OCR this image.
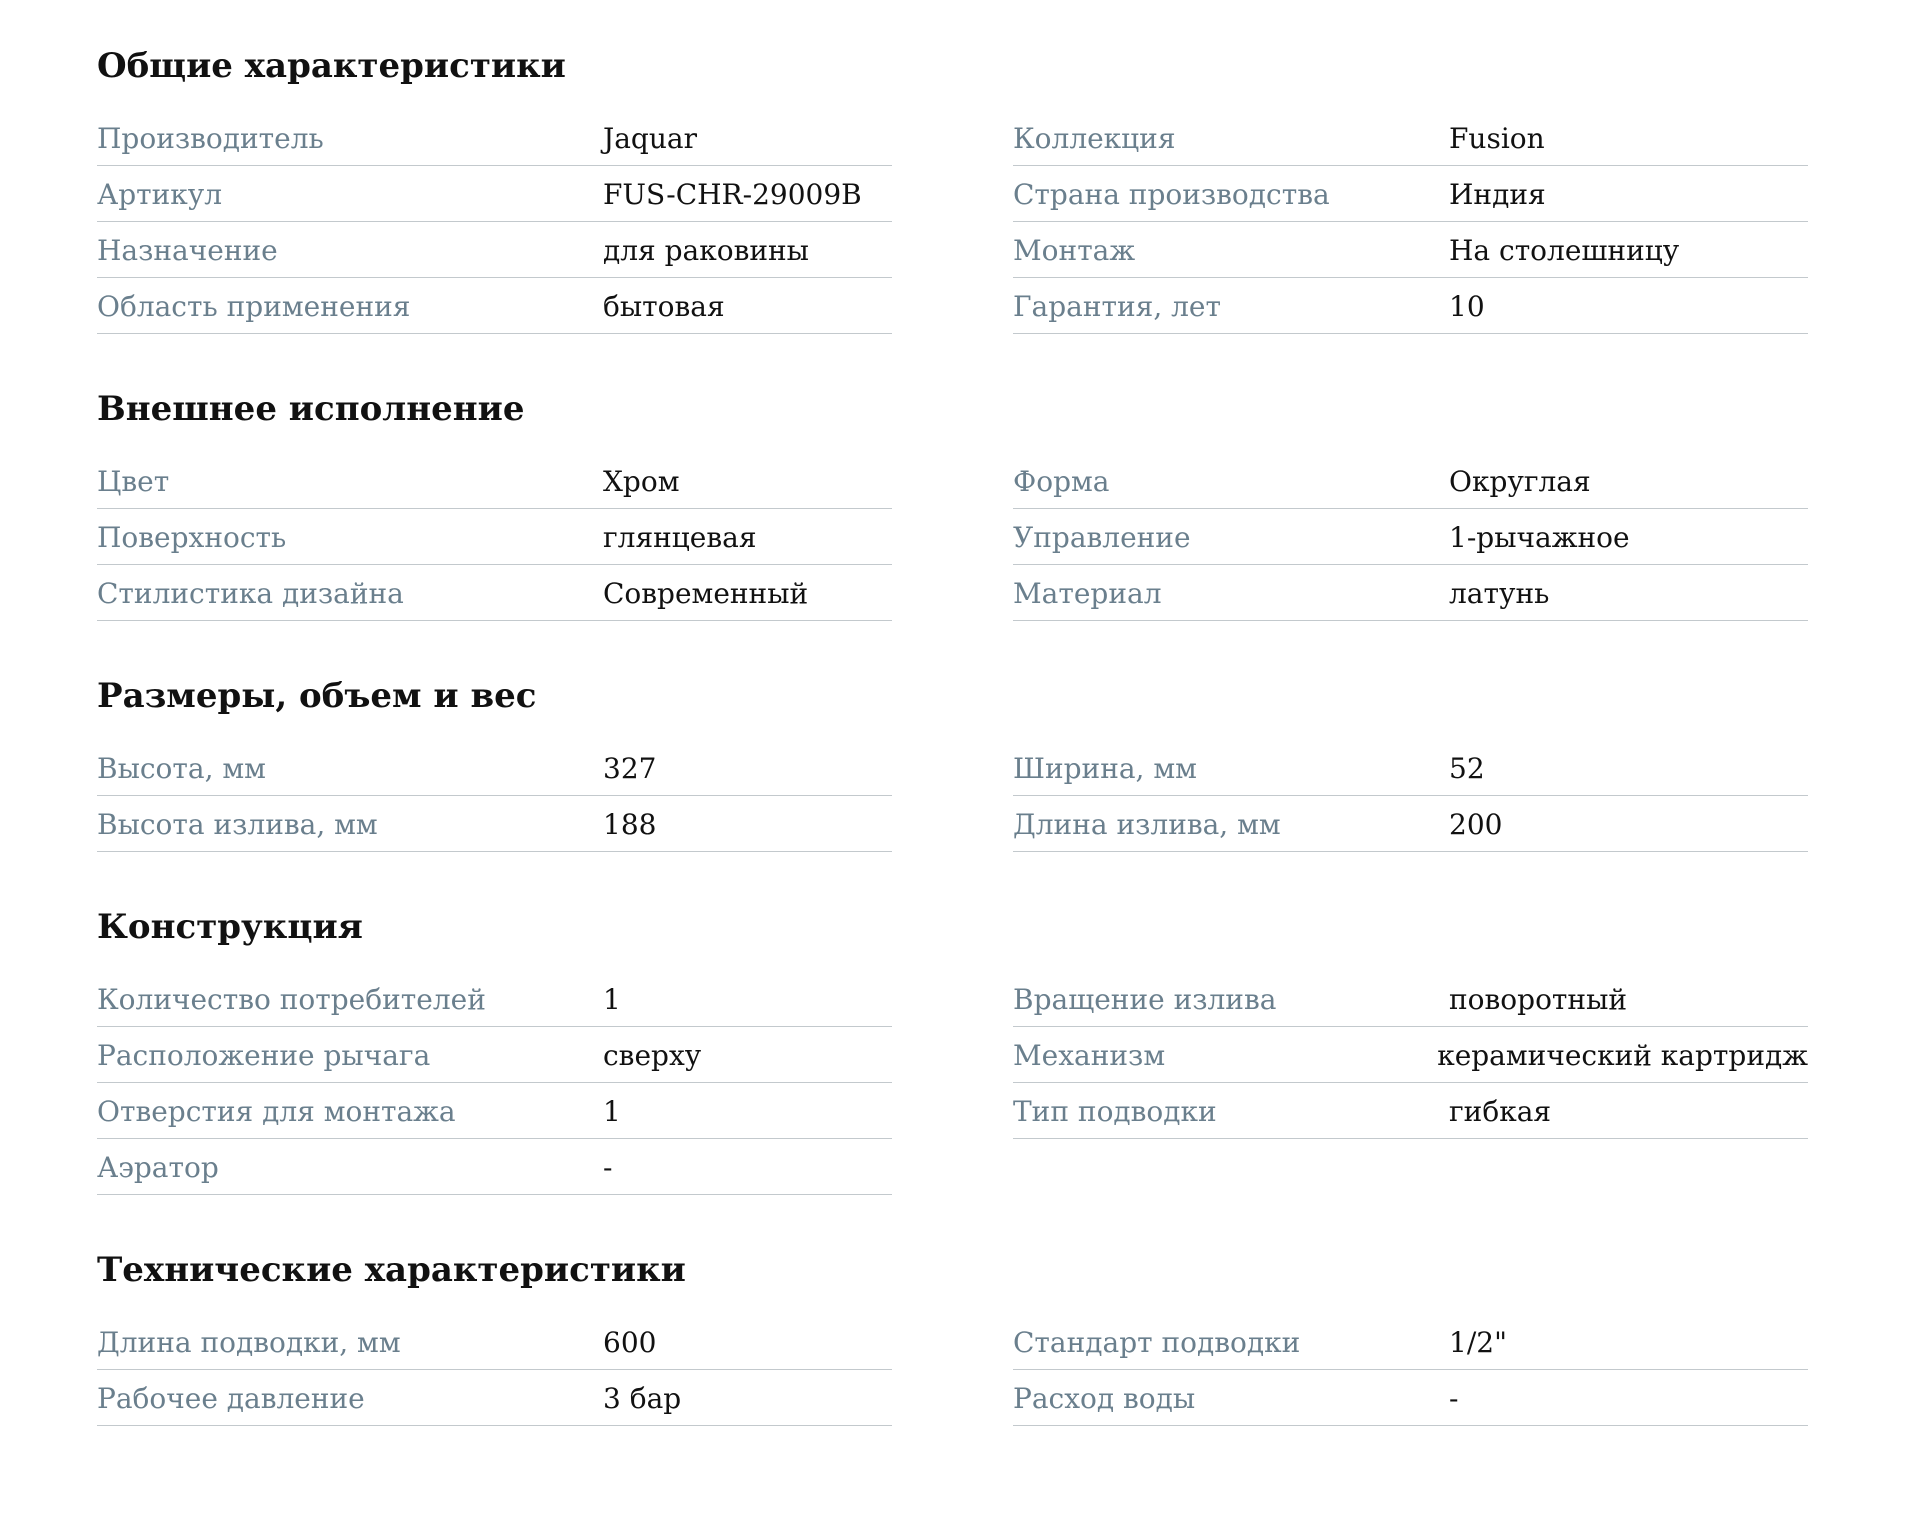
Общие характеристики
Производитель	Jaquar
Артикул	FUS-CHR-29009B
Назначение	для раковины
Область применения	бытовая
Коллекция	Fusion
Страна производства	Индия
Монтаж	На столешницу
Гарантия, лет	10
Внешнее исполнение
Цвет	Хром
Поверхность	глянцевая
Стилистика дизайна	Современный
Форма	Округлая
Управление	1-рычажное
Материал	латунь
Размеры, объем и вес
Высота, мм	327
Высота излива, мм	188
Ширина, мм	52
Длина излива, мм	200
Конструкция
Количество потребителей	1
Расположение рычага	сверху
Отверстия для монтажа	1
Аэратор	-
Вращение излива	поворотный
Механизм	керамический картридж
Тип подводки	гибкая
Технические характеристики
Длина подводки, мм	600
Рабочее давление	3 бар
Стандарт подводки	1/2"
Расход воды	-
